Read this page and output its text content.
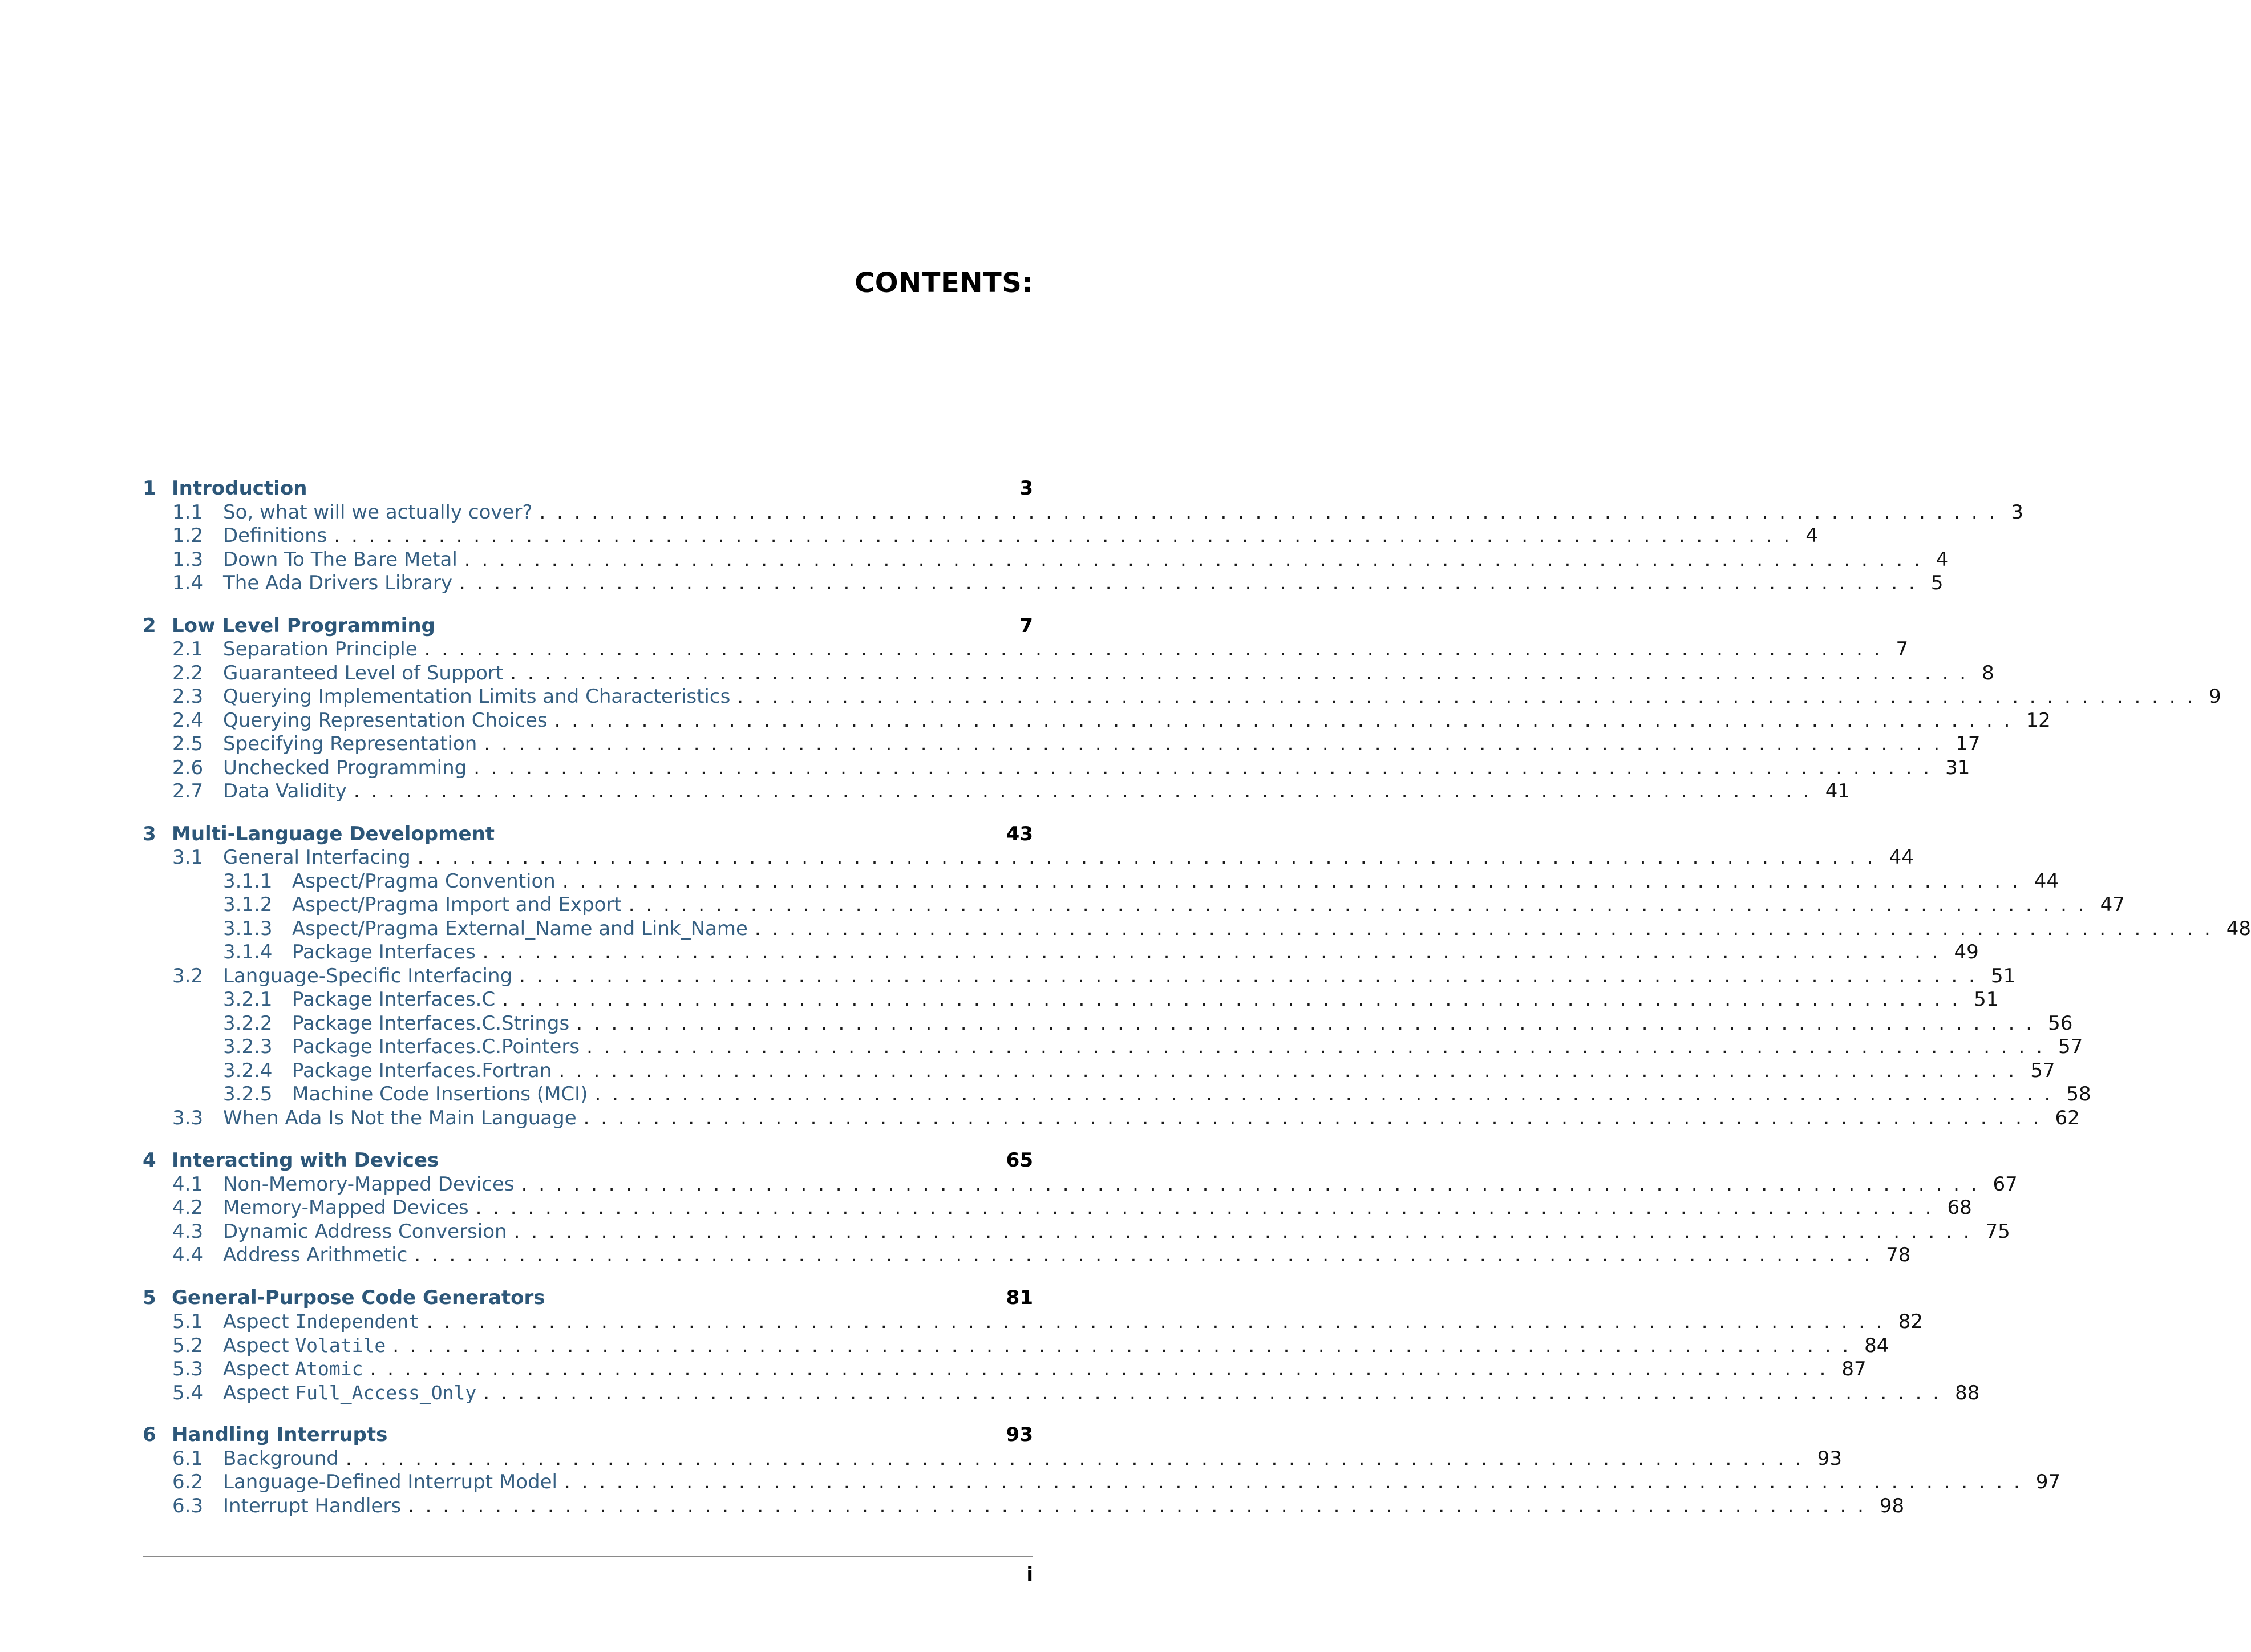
CONTENTS:
1 Introduction	3
1.1	So, what will we actually cover? . . .	3
1.2	Definitions . . .	4
1.3	Down To The Bare Metal . . .	4
1.4	The Ada Drivers Library . . .	5
2 Low Level Programming	7
2.1	Separation Principle . . .	7
2.2	Guaranteed Level of Support . . .	8
2.3	Querying Implementation Limits and Characteristics . . .	9
2.4	Querying Representation Choices . . .	12
2.5	Specifying Representation . . .	17
2.6	Unchecked Programming . . .	31
2.7	Data Validity . . .	41
3 Multi-Language Development	43
3.1	General Interfacing . . .	44
3.1.1	Aspect/Pragma Convention . . .	44
3.1.2	Aspect/Pragma Import and Export . . .	47
3.1.3	Aspect/Pragma External_Name and Link_Name . . .	48
3.1.4	Package Interfaces . . .	49
3.2	Language-Specific Interfacing . . .	51
3.2.1	Package Interfaces.C . . .	51
3.2.2	Package Interfaces.C.Strings . . .	56
3.2.3	Package Interfaces.C.Pointers . . .	57
3.2.4	Package Interfaces.Fortran . . .	57
3.2.5	Machine Code Insertions (MCI) . . .	58
3.3	When Ada Is Not the Main Language . . .	62
4 Interacting with Devices	65
4.1	Non-Memory-Mapped Devices . . .	67
4.2	Memory-Mapped Devices . . .	68
4.3	Dynamic Address Conversion . . .	75
4.4	Address Arithmetic . . .	78
5 General-Purpose Code Generators	81
5.1	Aspect Independent . . .	82
5.2	Aspect Volatile . . .	84
5.3	Aspect Atomic . . .	87
5.4	Aspect Full_Access_Only . . .	88
6 Handling Interrupts	93
6.1	Background . . .	93
6.2	Language-Defined Interrupt Model . . .	97
6.3	Interrupt Handlers . . .	98
i
